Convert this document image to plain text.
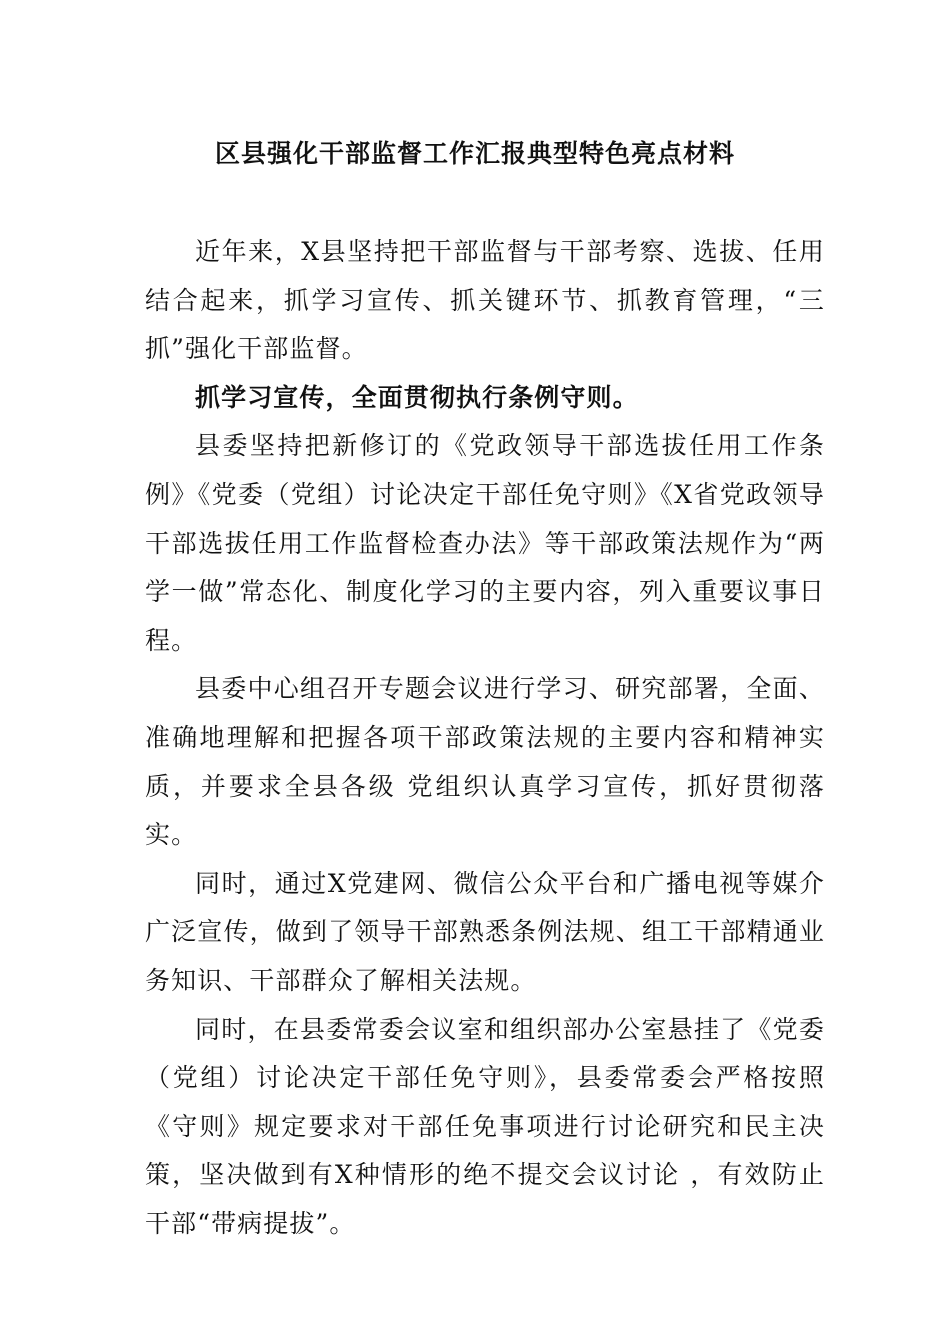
区县强化干部监督工作汇报典型特色亮点材料

近年来，X县坚持把干部监督与干部考察、选拔、任用结合起来，抓学习宣传、抓关键环节、抓教育管理，“三抓”强化干部监督。

抓学习宣传，全面贯彻执行条例守则。

县委坚持把新修订的《党政领导干部选拔任用工作条例》《党委（党组）讨论决定干部任免守则》《X省党政领导干部选拔任用工作监督检查办法》等干部政策法规作为“两学一做”常态化、制度化学习的主要内容，列入重要议事日程。

县委中心组召开专题会议进行学习、研究部署，全面、准确地理解和把握各项干部政策法规的主要内容和精神实质，并要求全县各级 党组织认真学习宣传，抓好贯彻落实。

同时，通过X党建网、微信公众平台和广播电视等媒介广泛宣传，做到了领导干部熟悉条例法规、组工干部精通业务知识、干部群众了解相关法规。

同时，在县委常委会议室和组织部办公室悬挂了《党委（党组）讨论决定干部任免守则》，县委常委会严格按照《守则》规定要求对干部任免事项进行讨论研究和民主决策，坚决做到有X种情形的绝不提交会议讨论 ，有效防止干部“带病提拔”。
